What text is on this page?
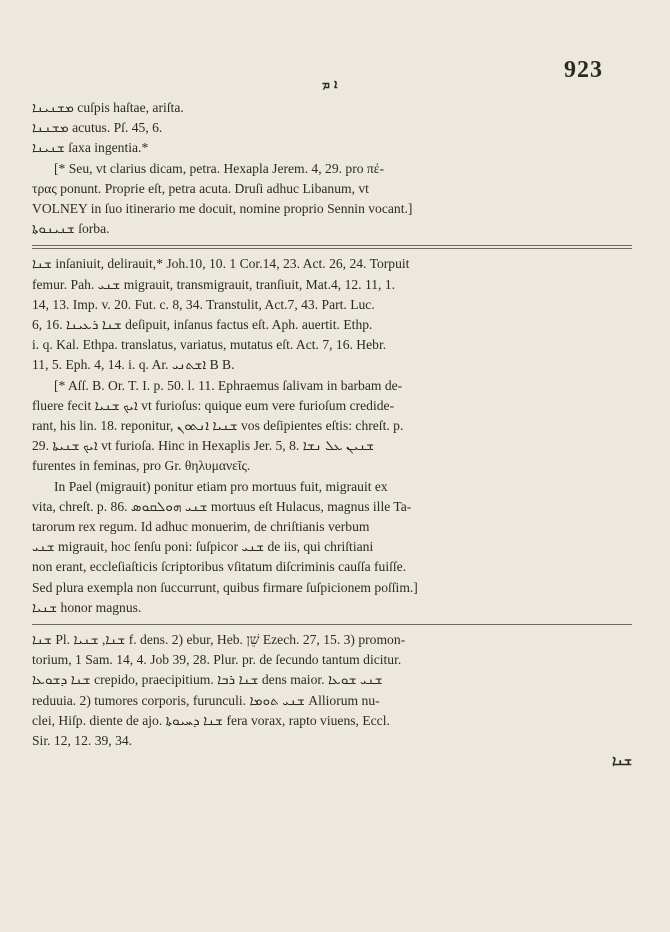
ܐ ܡ
923

ܡܫܢܝܢܐ cuſpis haſtae, ariſta.

ܡܫܢܢܐ acutus. Pſ. 45, 6.

ܫܢܝܢܐ ſaxa ingentia.*

[* Seu, vt clarius dicam, petra. Hexapla Jerem. 4, 29. pro πέ-

τρας ponunt. Proprie eſt, petra acuta. Druſi adhuc Libanum, vt

VOLNEY in ſuo itinerario me docuit, nomine proprio Sennin vocant.]

ܫܢܝܢܘܬܐ ſorba.

ܫܢܐ inſaniuit, delirauit,* Joh.10, 10. 1 Cor.14, 23. Act. 26, 24. Torpuit

femur. Pah. ܫܢܝ migrauit, transmigrauit, tranſiuit, Mat.4, 12. 11, 1.

14, 13. Imp. v. 20. Fut. c. 8, 34. Transtulit, Act.7, 43. Part. Luc.

6, 16. ܫܢܐ ܪܥܝܢܐ deſipuit, inſanus factus eſt. Aph. auertit. Ethp.

i. q. Kal. Ethpa. translatus, variatus, mutatus eſt. Act. 7, 16. Hebr.

11, 5. Eph. 4, 14. i. q. Ar. ܐܫܬܢܝ B B.

[* Aſſ. B. Or. T. I. p. 50. l. 11. Ephraemus ſalivam in barbam de-

fluere fecit ܐܝܟ ܫܢܝܐ vt furioſus: quique eum vere furioſum credide-

rant, his lin. 18. reponitur, ܫܢܝܐ ܐܢܬܘܢ vos deſipientes eſtis: chreſt. p.

29. ܐܝܟ ܫܢܝܬܐ vt furioſa. Hinc in Hexaplis Jer. 5, 8. ܫܢܝܢ ܥܠ ܢܫܐ

furentes in feminas, pro Gr. θηλυμανεῖς.

In Pael (migrauit) ponitur etiam pro mortuus fuit, migrauit ex

vita, chreſt. p. 86. ܫܢܝ ܗܘܠܩܘܣ mortuus eſt Hulacus, magnus ille Ta-

tarorum rex regum. Id adhuc monuerim, de chriſtianis verbum

ܫܢܝ migrauit, hoc ſenſu poni: ſuſpicor ܫܢܝ de iis, qui chriſtiani

non erant, eccleſiaſticis ſcriptoribus vſitatum diſcriminis cauſſa fuiſſe.

Sed plura exempla non ſuccurrunt, quibus firmare ſuſpicionem poſſim.]

ܫܢܝܐ honor magnus.

ܫܢܐ Pl. ܫܢܐ, ܫܢܝܐ f. dens. 2) ebur, Heb. שֵׁן Ezech. 27, 15. 3) promon-

torium, 1 Sam. 14, 4. Job 39, 28. Plur. pr. de ſecundo tantum dicitur.

ܫܢܐ ܕܫܘܥܐ crepido, praecipitium. ܫܢܐ ܪܒܐ dens maior. ܫܢܝ ܫܘܥܐ

reduuia. 2) tumores corporis, furunculi. ܫܢܝ ܬܘܡܐ Alliorum nu-

clei, Hiſp. diente de ajo. ܫܢܐ ܕܚܝܘܬܐ fera vorax, rapto viuens, Eccl.

Sir. 12, 12. 39, 34.

ܫܢܐ
